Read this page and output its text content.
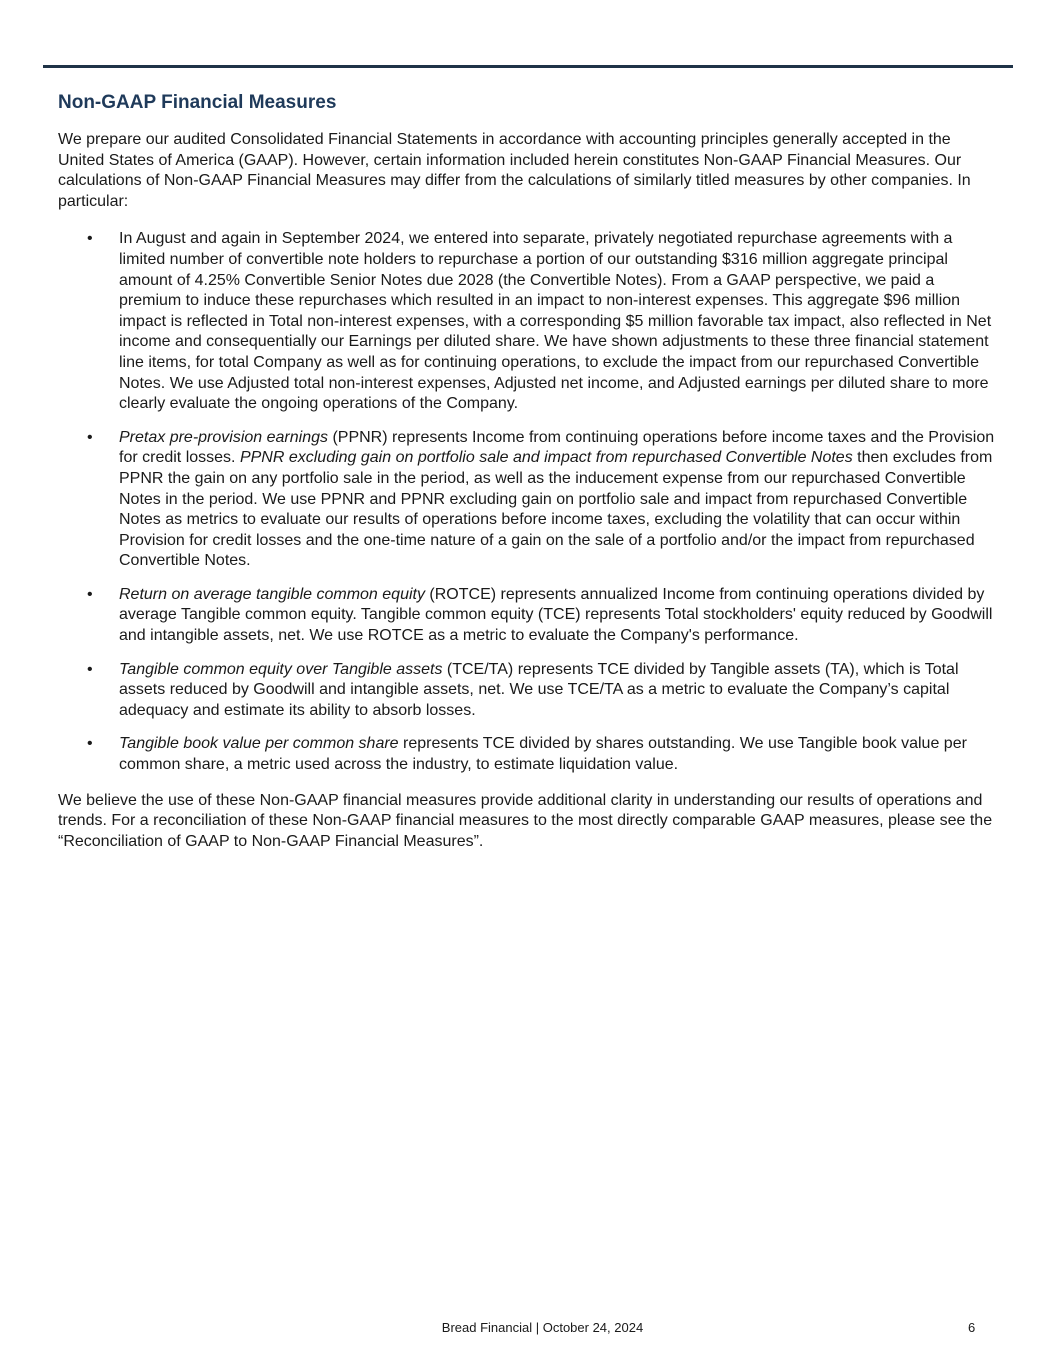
Non-GAAP Financial Measures

We prepare our audited Consolidated Financial Statements in accordance with accounting principles generally accepted in the United States of America (GAAP). However, certain information included herein constitutes Non-GAAP Financial Measures. Our calculations of Non-GAAP Financial Measures may differ from the calculations of similarly titled measures by other companies. In particular:

• In August and again in September 2024, we entered into separate, privately negotiated repurchase agreements with a limited number of convertible note holders to repurchase a portion of our outstanding $316 million aggregate principal amount of 4.25% Convertible Senior Notes due 2028 (the Convertible Notes). From a GAAP perspective, we paid a premium to induce these repurchases which resulted in an impact to non-interest expenses. This aggregate $96 million impact is reflected in Total non-interest expenses, with a corresponding $5 million favorable tax impact, also reflected in Net income and consequentially our Earnings per diluted share. We have shown adjustments to these three financial statement line items, for total Company as well as for continuing operations, to exclude the impact from our repurchased Convertible Notes. We use Adjusted total non-interest expenses, Adjusted net income, and Adjusted earnings per diluted share to more clearly evaluate the ongoing operations of the Company.
• Pretax pre-provision earnings (PPNR) represents Income from continuing operations before income taxes and the Provision for credit losses. PPNR excluding gain on portfolio sale and impact from repurchased Convertible Notes then excludes from PPNR the gain on any portfolio sale in the period, as well as the inducement expense from our repurchased Convertible Notes in the period. We use PPNR and PPNR excluding gain on portfolio sale and impact from repurchased Convertible Notes as metrics to evaluate our results of operations before income taxes, excluding the volatility that can occur within Provision for credit losses and the one-time nature of a gain on the sale of a portfolio and/or the impact from repurchased Convertible Notes.
• Return on average tangible common equity (ROTCE) represents annualized Income from continuing operations divided by average Tangible common equity. Tangible common equity (TCE) represents Total stockholders' equity reduced by Goodwill and intangible assets, net. We use ROTCE as a metric to evaluate the Company's performance.
• Tangible common equity over Tangible assets (TCE/TA) represents TCE divided by Tangible assets (TA), which is Total assets reduced by Goodwill and intangible assets, net. We use TCE/TA as a metric to evaluate the Company’s capital adequacy and estimate its ability to absorb losses.
• Tangible book value per common share represents TCE divided by shares outstanding. We use Tangible book value per common share, a metric used across the industry, to estimate liquidation value.

We believe the use of these Non-GAAP financial measures provide additional clarity in understanding our results of operations and trends. For a reconciliation of these Non-GAAP financial measures to the most directly comparable GAAP measures, please see the “Reconciliation of GAAP to Non-GAAP Financial Measures”.

Bread Financial | October 24, 2024	6
